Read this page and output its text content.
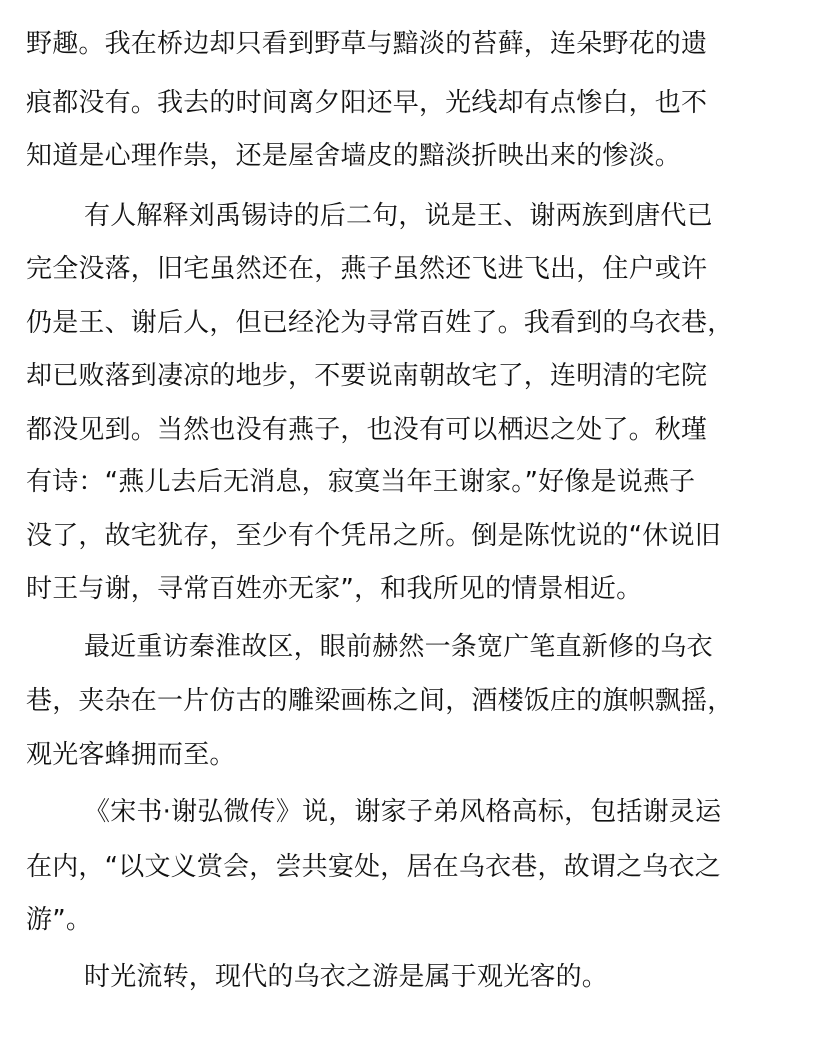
野趣。我在桥边却只看到野草与黯淡的苔藓，连朵野花的遗
痕都没有。我去的时间离夕阳还早，光线却有点惨白，也不
知道是心理作祟，还是屋舍墙皮的黯淡折映出来的惨淡。
有人解释刘禹锡诗的后二句，说是王、谢两族到唐代已
完全没落，旧宅虽然还在，燕子虽然还飞进飞出，住户或许
仍是王、谢后人，但已经沦为寻常百姓了。我看到的乌衣巷，
却已败落到凄凉的地步，不要说南朝故宅了，连明清的宅院
都没见到。当然也没有燕子，也没有可以栖迟之处了。秋瑾
有诗：“燕儿去后无消息，寂寞当年王谢家。”好像是说燕子
没了，故宅犹存，至少有个凭吊之所。倒是陈忱说的“休说旧
时王与谢，寻常百姓亦无家”，和我所见的情景相近。
最近重访秦淮故区，眼前赫然一条宽广笔直新修的乌衣
巷，夹杂在一片仿古的雕梁画栋之间，酒楼饭庄的旗帜飘摇，
观光客蜂拥而至。
《宋书·谢弘微传》说，谢家子弟风格高标，包括谢灵运
在内，“以文义赏会，尝共宴处，居在乌衣巷，故谓之乌衣之
游”。
时光流转，现代的乌衣之游是属于观光客的。
